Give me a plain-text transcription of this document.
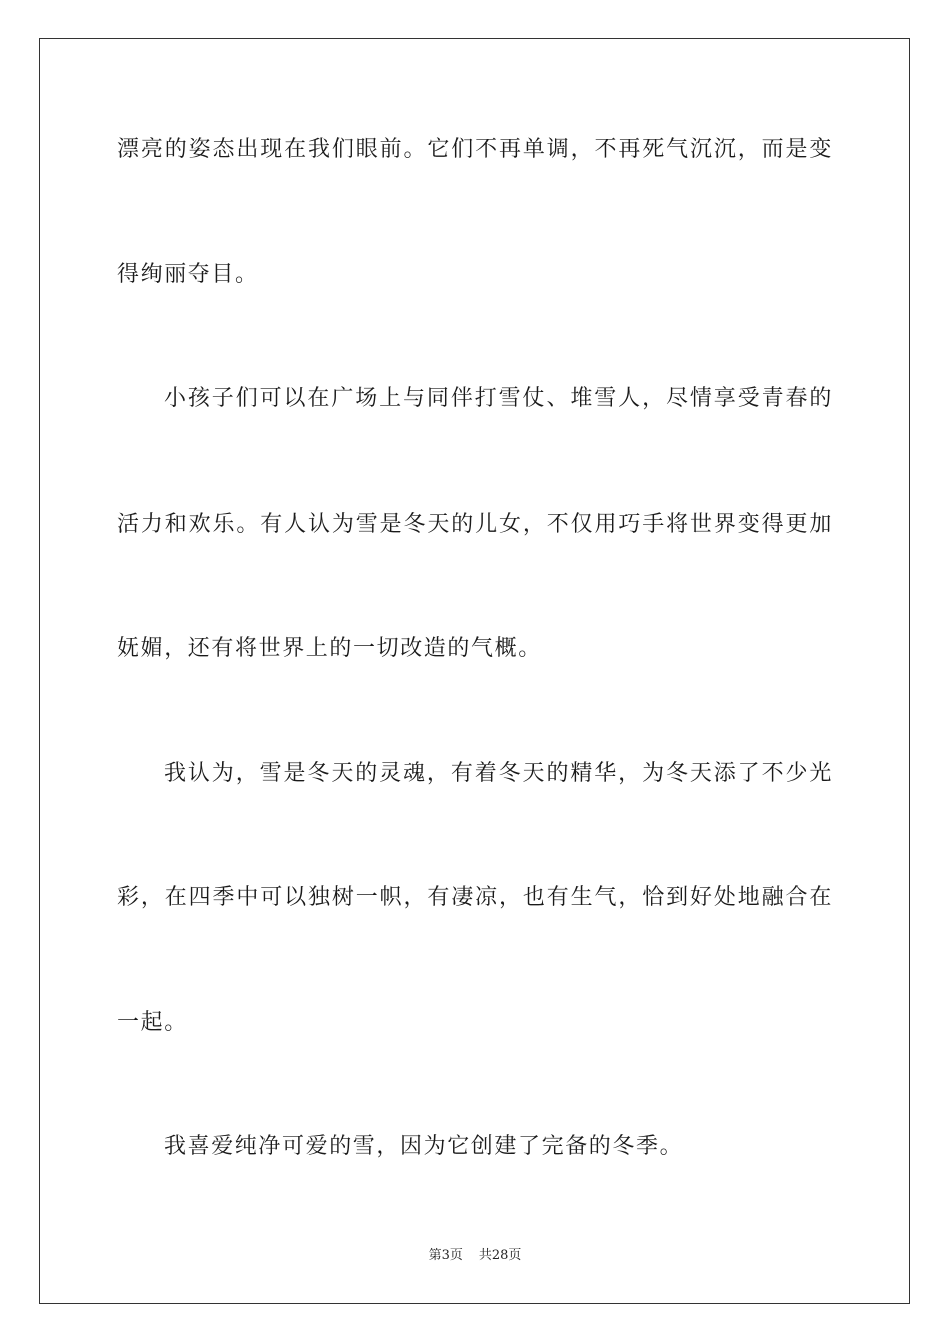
漂亮的姿态出现在我们眼前。它们不再单调，不再死气沉沉，而是变
得绚丽夺目。
小孩子们可以在广场上与同伴打雪仗、堆雪人，尽情享受青春的
活力和欢乐。有人认为雪是冬天的儿女，不仅用巧手将世界变得更加
妩媚，还有将世界上的一切改造的气概。
我认为，雪是冬天的灵魂，有着冬天的精华，为冬天添了不少光
彩，在四季中可以独树一帜，有凄凉，也有生气，恰到好处地融合在
一起。
我喜爱纯净可爱的雪，因为它创建了完备的冬季。
第3页 共28页
